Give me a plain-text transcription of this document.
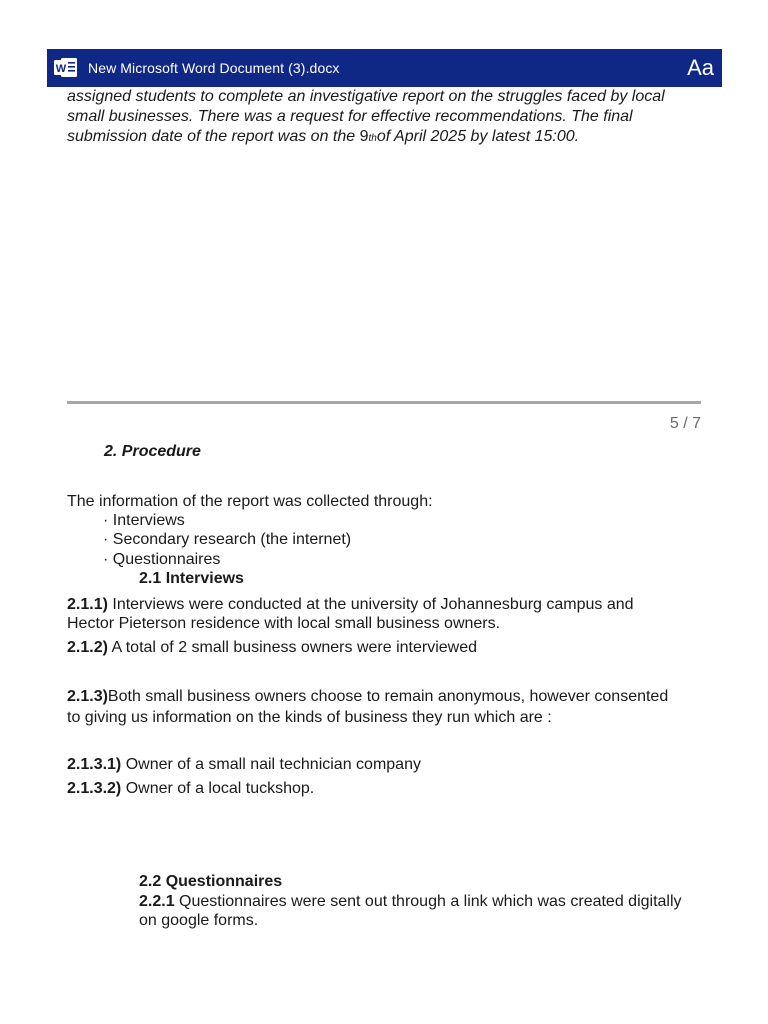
W New Microsoft Word Document (3).docx	Aa
assigned students to complete an investigative report on the struggles faced by local
small businesses. There was a request for effective recommendations. The final
submission date of the report was on the 9thof April 2025 by latest 15:00.
5 / 7
2. Procedure

The information of the report was collected through:

· Interviews

· Secondary research (the internet)

· Questionnaires

2.1 Interviews

2.1.1) Interviews were conducted at the university of Johannesburg campus and
Hector Pieterson residence with local small business owners.

2.1.2) A total of 2 small business owners were interviewed

2.1.3)Both small business owners choose to remain anonymous, however consented
to giving us information on the kinds of business they run which are :

2.1.3.1) Owner of a small nail technician company

2.1.3.2) Owner of a local tuckshop.

2.2 Questionnaires

2.2.1 Questionnaires were sent out through a link which was created digitally
on google forms.
